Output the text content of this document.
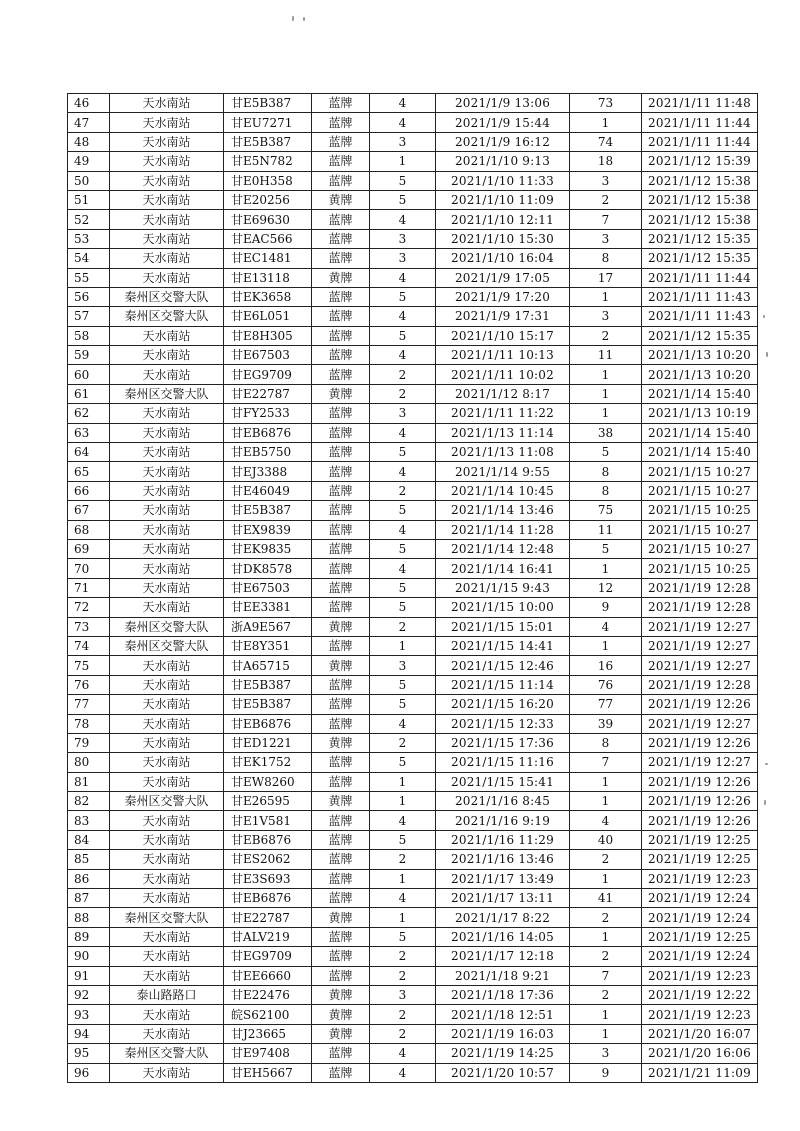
46	天水南站	甘E5B387	蓝牌	4	2021/1/9 13:06	73	2021/1/11 11:48
47	天水南站	甘EU7271	蓝牌	4	2021/1/9 15:44	1	2021/1/11 11:44
48	天水南站	甘E5B387	蓝牌	3	2021/1/9 16:12	74	2021/1/11 11:44
49	天水南站	甘E5N782	蓝牌	1	2021/1/10 9:13	18	2021/1/12 15:39
50	天水南站	甘E0H358	蓝牌	5	2021/1/10 11:33	3	2021/1/12 15:38
51	天水南站	甘E20256	黄牌	5	2021/1/10 11:09	2	2021/1/12 15:38
52	天水南站	甘E69630	蓝牌	4	2021/1/10 12:11	7	2021/1/12 15:38
53	天水南站	甘EAC566	蓝牌	3	2021/1/10 15:30	3	2021/1/12 15:35
54	天水南站	甘EC1481	蓝牌	3	2021/1/10 16:04	8	2021/1/12 15:35
55	天水南站	甘E13118	黄牌	4	2021/1/9 17:05	17	2021/1/11 11:44
56	秦州区交警大队	甘EK3658	蓝牌	5	2021/1/9 17:20	1	2021/1/11 11:43
57	秦州区交警大队	甘E6L051	蓝牌	4	2021/1/9 17:31	3	2021/1/11 11:43
58	天水南站	甘E8H305	蓝牌	5	2021/1/10 15:17	2	2021/1/12 15:35
59	天水南站	甘E67503	蓝牌	4	2021/1/11 10:13	11	2021/1/13 10:20
60	天水南站	甘EG9709	蓝牌	2	2021/1/11 10:02	1	2021/1/13 10:20
61	秦州区交警大队	甘E22787	黄牌	2	2021/1/12 8:17	1	2021/1/14 15:40
62	天水南站	甘FY2533	蓝牌	3	2021/1/11 11:22	1	2021/1/13 10:19
63	天水南站	甘EB6876	蓝牌	4	2021/1/13 11:14	38	2021/1/14 15:40
64	天水南站	甘EB5750	蓝牌	5	2021/1/13 11:08	5	2021/1/14 15:40
65	天水南站	甘EJ3388	蓝牌	4	2021/1/14 9:55	8	2021/1/15 10:27
66	天水南站	甘E46049	蓝牌	2	2021/1/14 10:45	8	2021/1/15 10:27
67	天水南站	甘E5B387	蓝牌	5	2021/1/14 13:46	75	2021/1/15 10:25
68	天水南站	甘EX9839	蓝牌	4	2021/1/14 11:28	11	2021/1/15 10:27
69	天水南站	甘EK9835	蓝牌	5	2021/1/14 12:48	5	2021/1/15 10:27
70	天水南站	甘DK8578	蓝牌	4	2021/1/14 16:41	1	2021/1/15 10:25
71	天水南站	甘E67503	蓝牌	5	2021/1/15 9:43	12	2021/1/19 12:28
72	天水南站	甘EE3381	蓝牌	5	2021/1/15 10:00	9	2021/1/19 12:28
73	秦州区交警大队	浙A9E567	黄牌	2	2021/1/15 15:01	4	2021/1/19 12:27
74	秦州区交警大队	甘E8Y351	蓝牌	1	2021/1/15 14:41	1	2021/1/19 12:27
75	天水南站	甘A65715	黄牌	3	2021/1/15 12:46	16	2021/1/19 12:27
76	天水南站	甘E5B387	蓝牌	5	2021/1/15 11:14	76	2021/1/19 12:28
77	天水南站	甘E5B387	蓝牌	5	2021/1/15 16:20	77	2021/1/19 12:26
78	天水南站	甘EB6876	蓝牌	4	2021/1/15 12:33	39	2021/1/19 12:27
79	天水南站	甘ED1221	黄牌	2	2021/1/15 17:36	8	2021/1/19 12:26
80	天水南站	甘EK1752	蓝牌	5	2021/1/15 11:16	7	2021/1/19 12:27
81	天水南站	甘EW8260	蓝牌	1	2021/1/15 15:41	1	2021/1/19 12:26
82	秦州区交警大队	甘E26595	黄牌	1	2021/1/16 8:45	1	2021/1/19 12:26
83	天水南站	甘E1V581	蓝牌	4	2021/1/16 9:19	4	2021/1/19 12:26
84	天水南站	甘EB6876	蓝牌	5	2021/1/16 11:29	40	2021/1/19 12:25
85	天水南站	甘ES2062	蓝牌	2	2021/1/16 13:46	2	2021/1/19 12:25
86	天水南站	甘E3S693	蓝牌	1	2021/1/17 13:49	1	2021/1/19 12:23
87	天水南站	甘EB6876	蓝牌	4	2021/1/17 13:11	41	2021/1/19 12:24
88	秦州区交警大队	甘E22787	黄牌	1	2021/1/17 8:22	2	2021/1/19 12:24
89	天水南站	甘ALV219	蓝牌	5	2021/1/16 14:05	1	2021/1/19 12:25
90	天水南站	甘EG9709	蓝牌	2	2021/1/17 12:18	2	2021/1/19 12:24
91	天水南站	甘EE6660	蓝牌	2	2021/1/18 9:21	7	2021/1/19 12:23
92	泰山路路口	甘E22476	黄牌	3	2021/1/18 17:36	2	2021/1/19 12:22
93	天水南站	皖S62100	黄牌	2	2021/1/18 12:51	1	2021/1/19 12:23
94	天水南站	甘J23665	黄牌	2	2021/1/19 16:03	1	2021/1/20 16:07
95	秦州区交警大队	甘E97408	蓝牌	4	2021/1/19 14:25	3	2021/1/20 16:06
96	天水南站	甘EH5667	蓝牌	4	2021/1/20 10:57	9	2021/1/21 11:09
